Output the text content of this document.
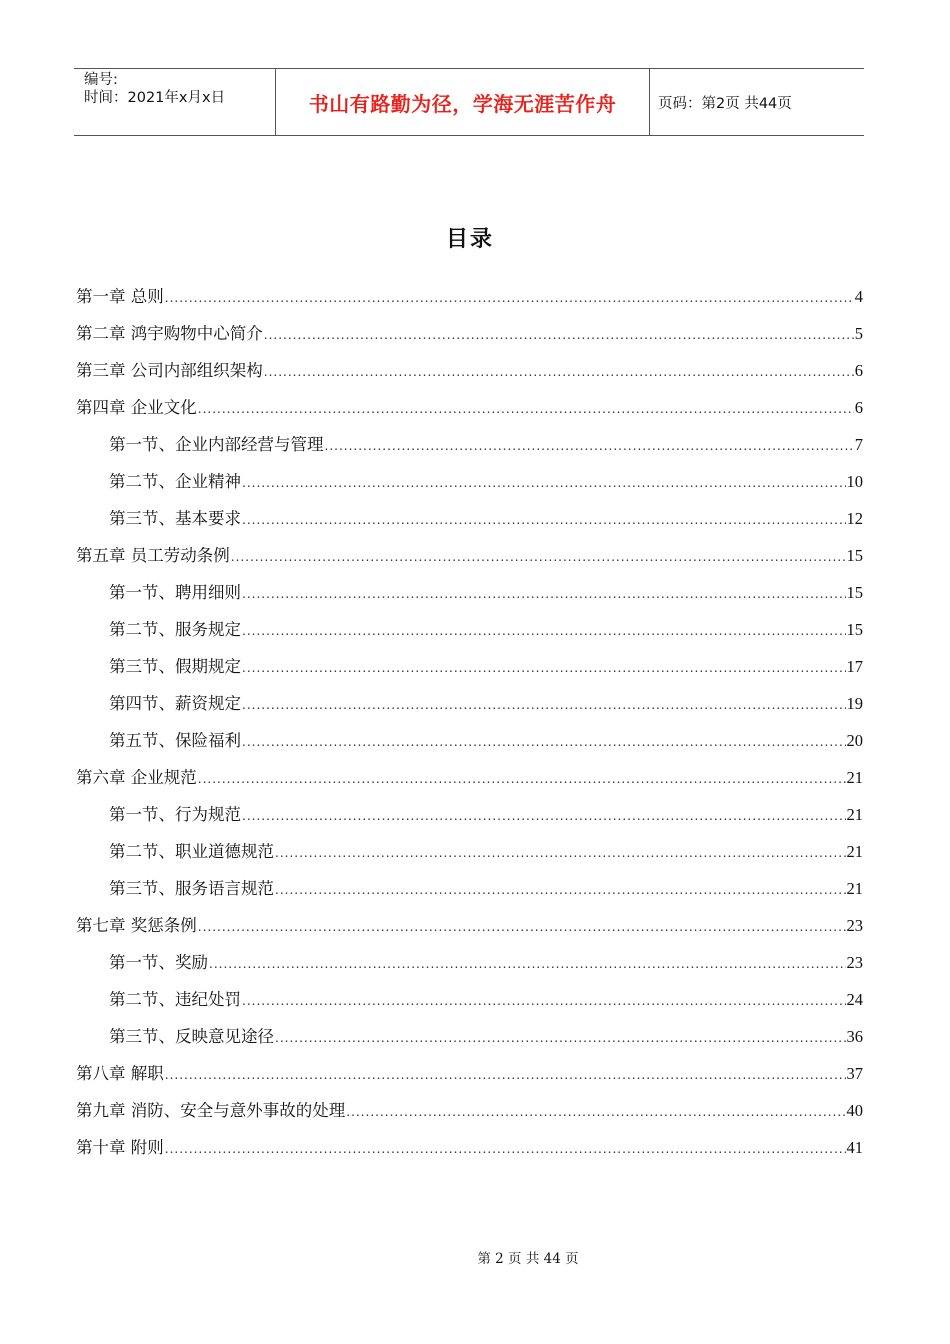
编号:
时间：2021年x月x日	书山有路勤为径，学海无涯苦作舟	页码：第2页 共44页
目录
第一章 总则 .....	4
第二章 鸿宇购物中心简介 .....	5
第三章 公司内部组织架构 .....	6
第四章 企业文化 .....	6
第一节、企业内部经营与管理 .....	7
第二节、企业精神 .....	10
第三节、基本要求 .....	12
第五章 员工劳动条例 .....	15
第一节、聘用细则 .....	15
第二节、服务规定 .....	15
第三节、假期规定 .....	17
第四节、薪资规定 .....	19
第五节、保险福利 .....	20
第六章 企业规范 .....	21
第一节、行为规范 .....	21
第二节、职业道德规范 .....	21
第三节、服务语言规范 .....	21
第七章 奖惩条例 .....	23
第一节、奖励 .....	23
第二节、违纪处罚 .....	24
第三节、反映意见途径 .....	36
第八章 解职 .....	37
第九章 消防、安全与意外事故的处理 .....	40
第十章 附则 .....	41
第 2 页 共 44 页
